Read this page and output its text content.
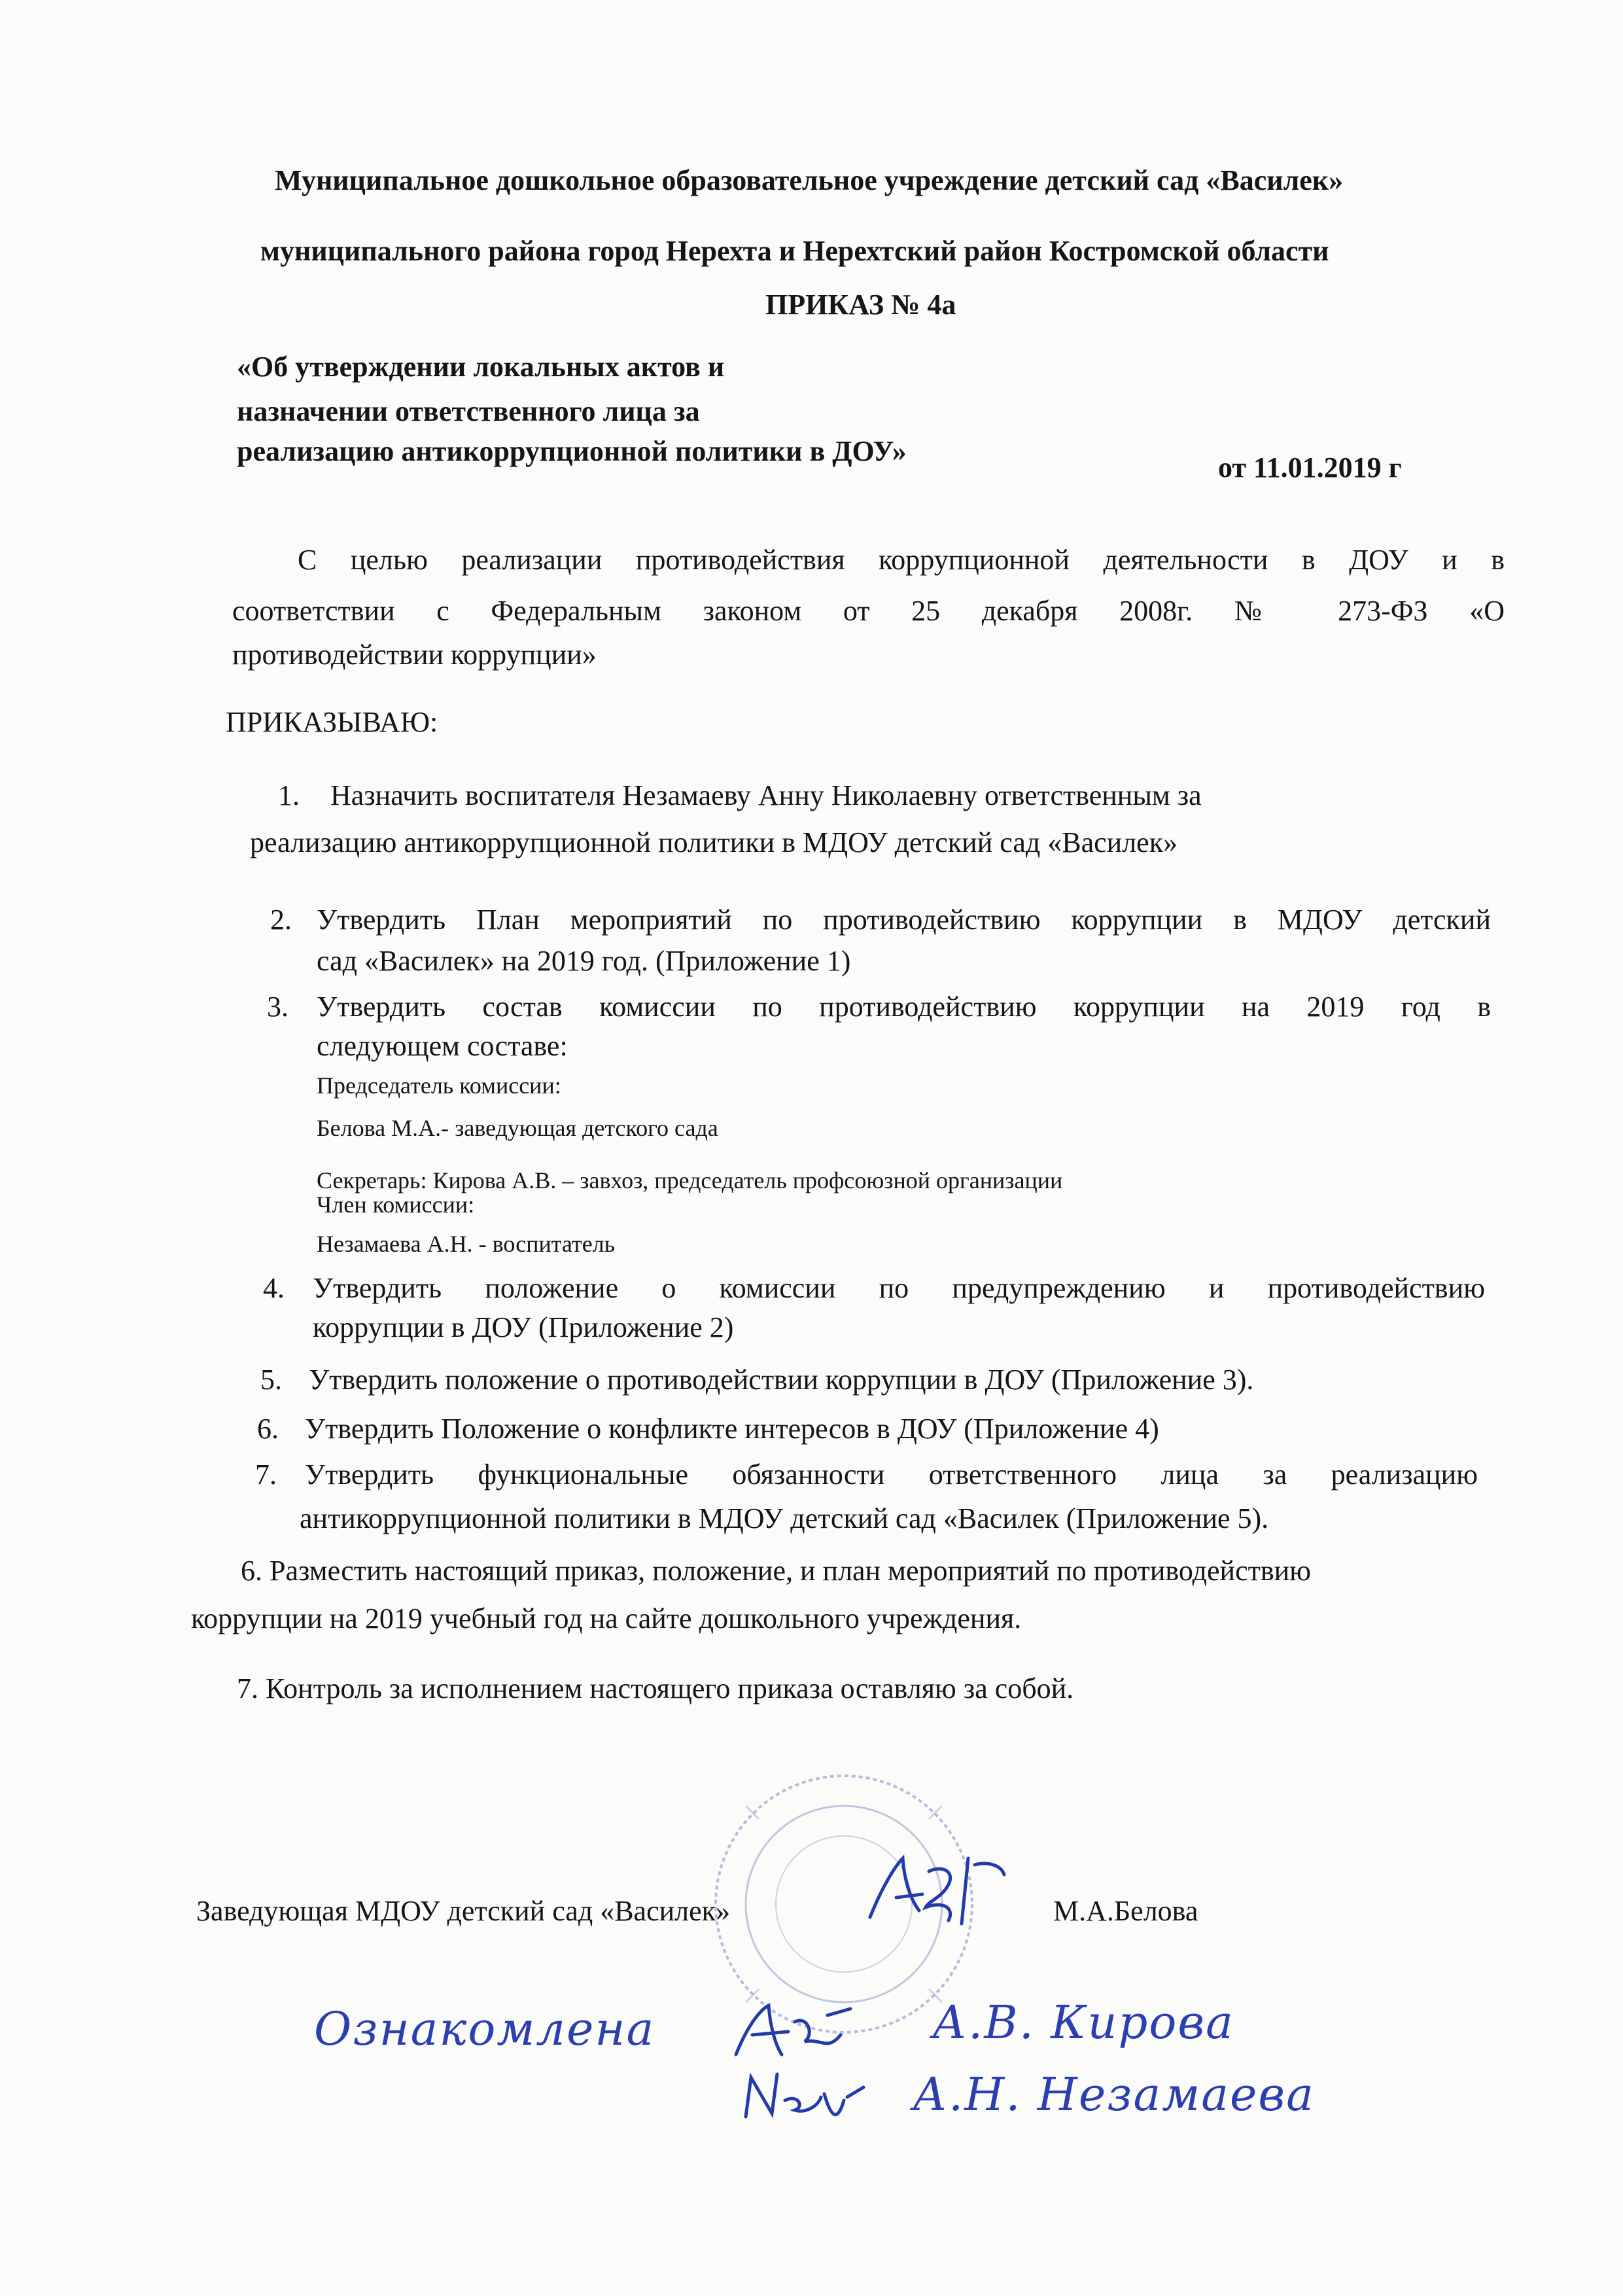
Муниципальное дошкольное образовательное учреждение детский сад «Василек»
муниципального района город Нерехта и Нерехтский район Костромской области
ПРИКАЗ № 4а
«Об утверждении локальных актов и
назначении ответственного лица за
реализацию антикоррупционной политики в ДОУ»
от 11.01.2019 г
С целью реализации противодействия коррупционной деятельности в ДОУ и в
соответствии с Федеральным законом от 25 декабря 2008г. № 273-ФЗ «О
противодействии коррупции»
ПРИКАЗЫВАЮ:
1. Назначить воспитателя Незамаеву Анну Николаевну ответственным за
реализацию антикоррупционной политики в МДОУ детский сад «Василек»
2. Утвердить План мероприятий по противодействию коррупции в МДОУ детский
сад «Василек» на 2019 год. (Приложение 1)
3. Утвердить состав комиссии по противодействию коррупции на 2019 год в
следующем составе:
Председатель комиссии:
Белова М.А.- заведующая детского сада
Секретарь: Кирова А.В. – завхоз, председатель профсоюзной организации
Член комиссии:
Незамаева А.Н. - воспитатель
4. Утвердить положение о комиссии по предупреждению и противодействию
коррупции в ДОУ (Приложение 2)
5. Утвердить положение о противодействии коррупции в ДОУ (Приложение 3).
6. Утвердить Положение о конфликте интересов в ДОУ (Приложение 4)
7. Утвердить функциональные обязанности ответственного лица за реализацию
антикоррупционной политики в МДОУ детский сад «Василек (Приложение 5).
6. Разместить настоящий приказ, положение, и план мероприятий по противодействию
коррупции на 2019 учебный год на сайте дошкольного учреждения.
7. Контроль за исполнением настоящего приказа оставляю за собой.
Заведующая МДОУ детский сад «Василек»	М.А.Белова
Ознакомлена	А.В. Кирова
А.Н. Незамаева
